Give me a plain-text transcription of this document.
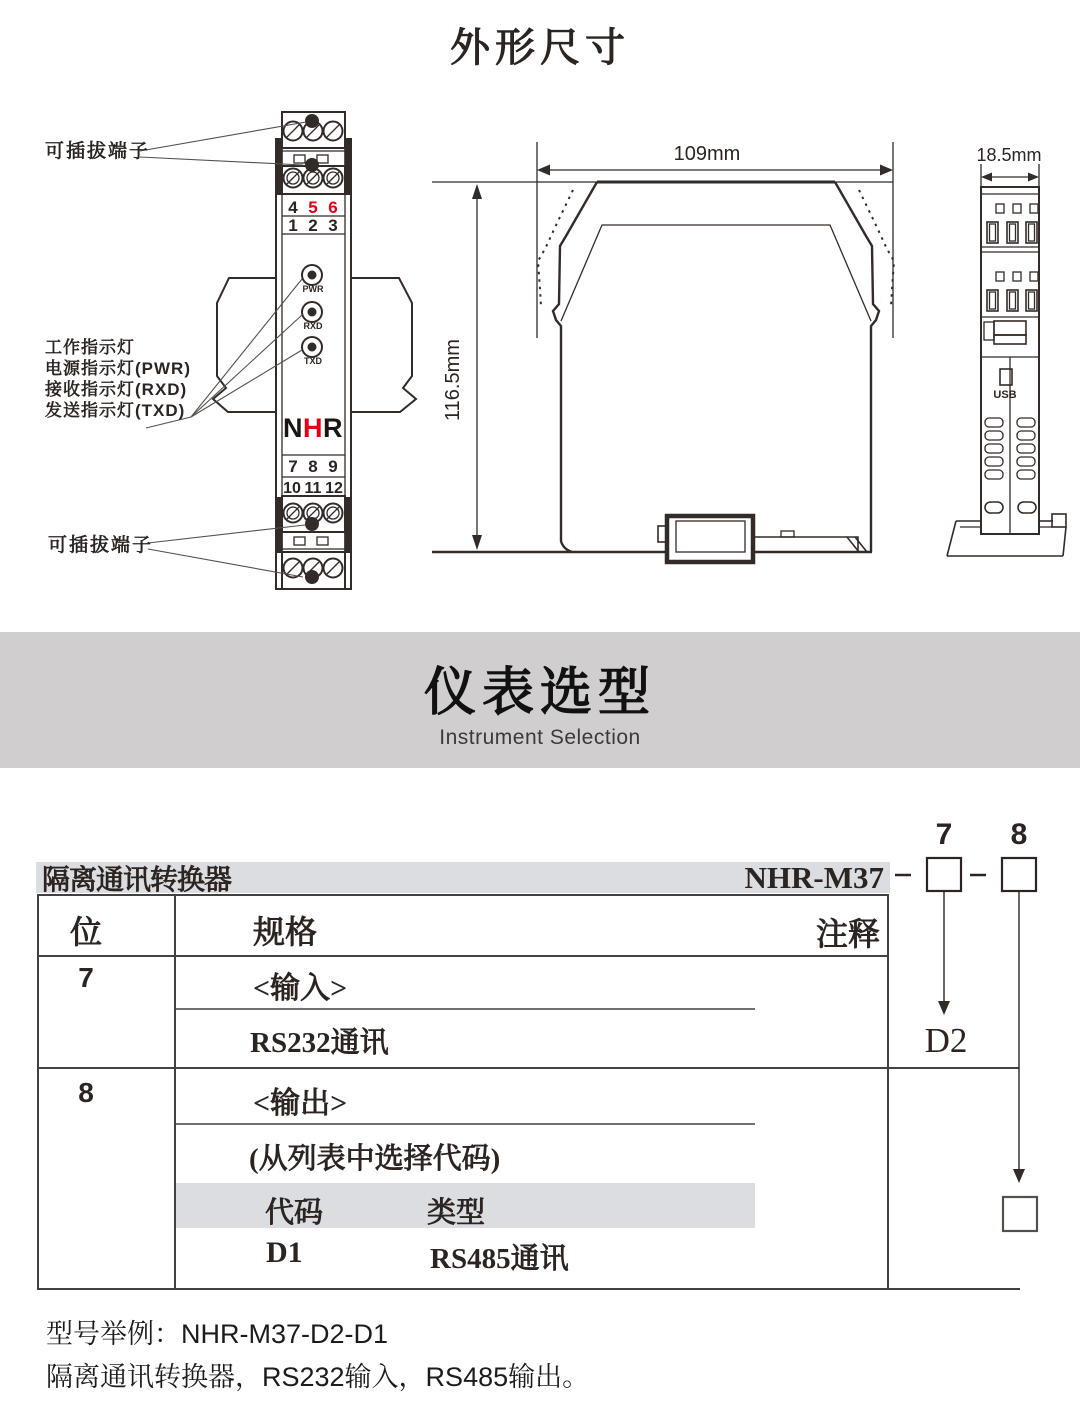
仪表选型
Instrument Selection
隔离通讯转换器	NHR-M37
4 5 6
1 2 3
7 8 9
10 11 12
PWR
RXD
TXD
NHR
109mm
116.5mm
18.5mm
USB
外形尺寸
可插拔端子
工作指示灯
电源指示灯(PWR)
接收指示灯(RXD)
发送指示灯(TXD)
可插拔端子
7	8
位	规格	注释
7	<输入>
RS232通讯	D2
8	<输出>
(从列表中选择代码)
代码	类型
D1	RS485通讯
型号举例：NHR-M37-D2-D1
隔离通讯转换器，RS232输入，RS485输出。
